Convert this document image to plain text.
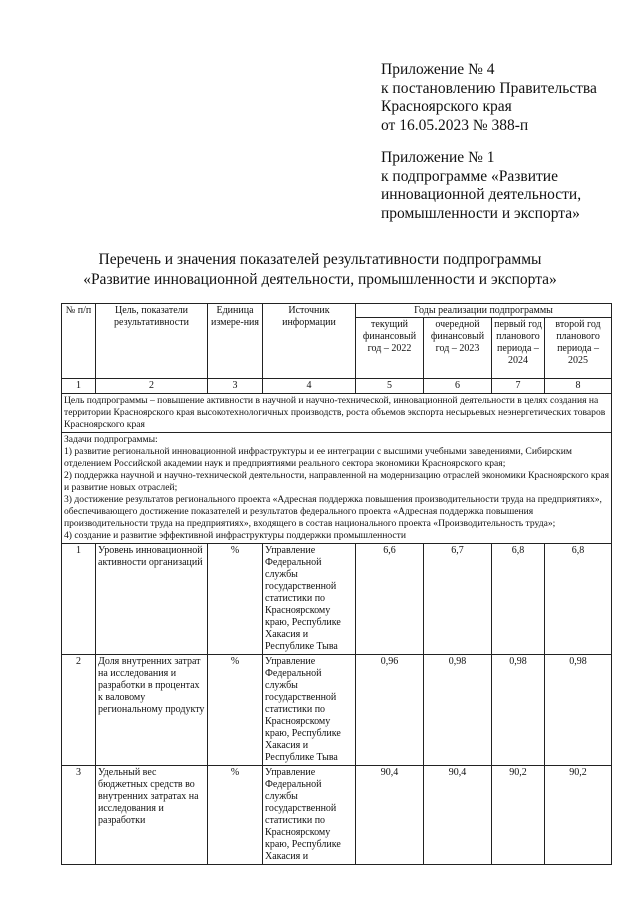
Приложение № 4
к постановлению Правительства
Красноярского края
от 16.05.2023 № 388-п
Приложение № 1
к подпрограмме «Развитие
инновационной деятельности,
промышленности и экспорта»
Перечень и значения показателей результативности подпрограммы
«Развитие инновационной деятельности, промышленности и экспорта»
№ п/п	Цель, показатели результативности	Единица измере-ния	Источник информации	Годы реализации подпрограммы			
				текущий финансовый год – 2022	очередной финансовый год – 2023	первый год планового периода – 2024	второй год планового периода – 2025
1	2	3	4	5	6	7	8
Цель подпрограммы – повышение активности в научной и научно-технической, инновационной деятельности в целях создания на территории Красноярского края высокотехнологичных производств, роста объемов экспорта несырьевых неэнергетических товаров Красноярского края							

Задачи подпрограммы:
1) развитие региональной инновационной инфраструктуры и ее интеграции с высшими учебными заведениями, Сибирским отделением Российской академии наук и предприятиями реального сектора экономики Красноярского края;
2) поддержка научной и научно-технической деятельности, направленной на модернизацию отраслей экономики Красноярского края и развитие новых отраслей;
3) достижение результатов регионального проекта «Адресная поддержка повышения производительности труда на предприятиях», обеспечивающего достижение показателей и результатов федерального проекта «Адресная поддержка повышения производительности труда на предприятиях», входящего в состав национального проекта «Производительность труда»;
4) создание и развитие эффективной инфраструктуры поддержки промышленности							

1	Уровень инновационной активности организаций	%	Управление Федеральной службы государственной статистики по Красноярскому краю, Республике Хакасия и Республике Тыва	6,6	6,7	6,8	6,8
2	Доля внутренних затрат на исследования и разработки в процентах к валовому региональному продукту	%	Управление Федеральной службы государственной статистики по Красноярскому краю, Республике Хакасия и Республике Тыва	0,96	0,98	0,98	0,98
3	Удельный вес бюджетных средств во внутренних затратах на исследования и разработки	%	Управление Федеральной службы государственной статистики по Красноярскому краю, Республике Хакасия и	90,4	90,4	90,2	90,2
